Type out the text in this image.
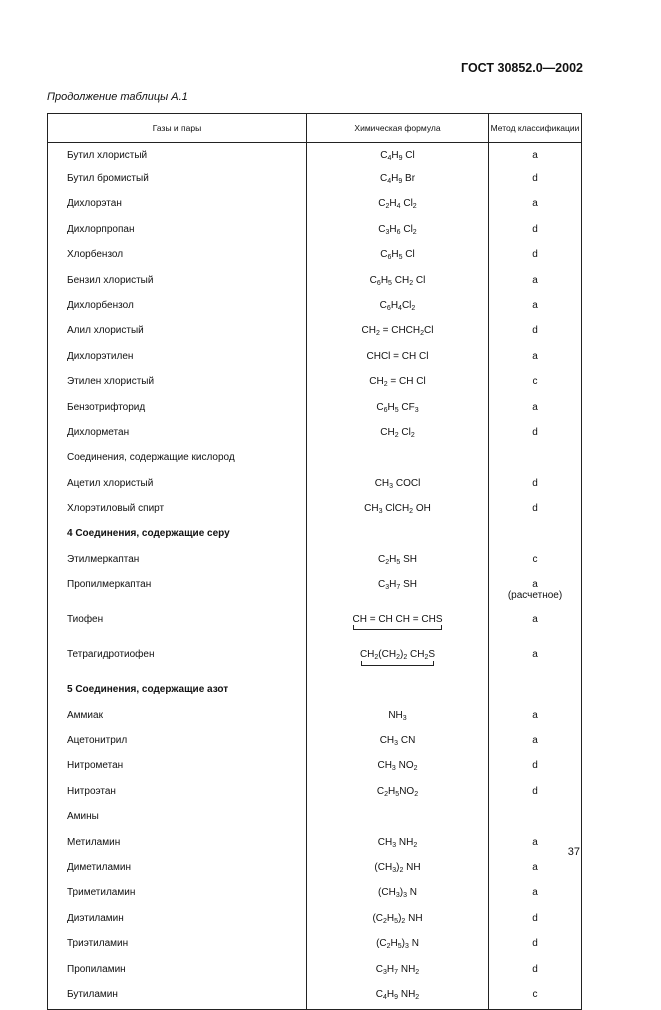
ГОСТ 30852.0—2002
Продолжение таблицы А.1
Газы и пары	Химическая формула	Метод классификации
Бутил хлористый	$C_4H_9$ Cl	a
Бутил бромистый	$C_4H_9$ Br	d
Дихлорэтан	$C_2H_4$ $Cl_2$	a
Дихлорпропан	$C_3H_6$ $Cl_2$	d
Хлорбензол	$C_6H_5$ Cl	d
Бензил хлористый	$C_6H_5$ $CH_2$ Cl	a
Дихлорбензол	$C_6H_4Cl_2$	a
Алил хлористый	$CH_2$ = $CHCH_2Cl$	d
Дихлорэтилен	CHCl = CH Cl	a
Этилен хлористый	$CH_2$ = CH Cl	c
Бензотрифторид	$C_6H_5$ $CF_3$	a
Дихлорметан	$CH_2$ $Cl_2$	d
Соединения, содержащие кислород		
Ацетил хлористый	$CH_3$ COCl	d
Хлорэтиловый спирт	$CH_3$ ClCH$_2$ OH	d
4 Соединения, содержащие серу		
Этилмеркаптан	$C_2H_5$ SH	c
Пропилмеркаптан	$C_3H_7$ SH	a
(расчетное)
Тиофен	CH = CH CH = CHS	a
Тетрагидротиофен	$CH_2(CH_2)_2$ $CH_2S$	a
5 Соединения, содержащие азот		
Аммиак	$NH_3$	a
Ацетонитрил	$CH_3$ CN	a
Нитрометан	$CH_3$ $NO_2$	d
Нитроэтан	$C_2H_5NO_2$	d
Амины		
Метиламин	$CH_3$ $NH_2$	a
Диметиламин	$(CH_3)_2$ NH	a
Триметиламин	$(CH_3)_3$ N	a
Диэтиламин	$(C_2H_5)_2$ NH	d
Триэтиламин	$(C_2H_5)_3$ N	d
Пропиламин	$C_3H_7$ $NH_2$	d
Бутиламин	$C_4H_9$ $NH_2$	c
37
